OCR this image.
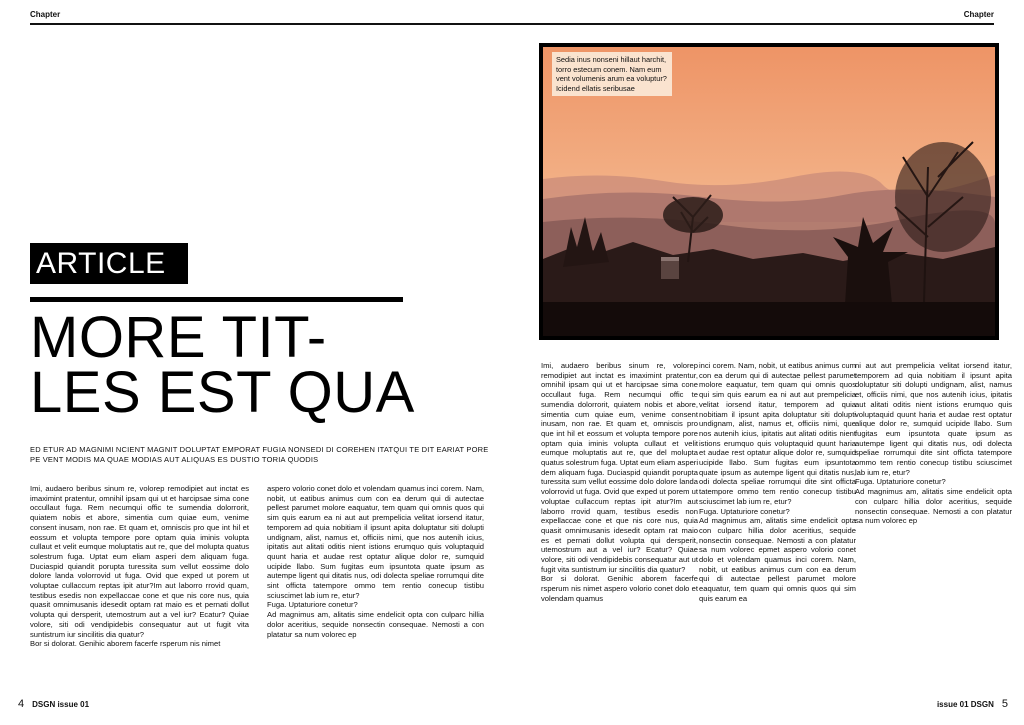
Chapter
ARTICLE
MORE TIT-
LES EST QUA
ED ETUR AD MAGNIMI NCIENT MAGNIT DOLUPTAT EMPORAT FUGIA NONSEDI DI COREHEN ITATQUI TE DIT EARIAT PORE PE VENT MODIS MA QUAE MODIAS AUT ALIQUAS ES DUSTIO TORIA QUODIS

Imi, audaero beribus sinum re, volorep remodipiet aut inctat es imaximint pratentur, omnihil ipsam qui ut et harcipsae sima cone occullaut fuga. Rem necumqui offic te sumendia dolorrorit, quiatem nobis et abore, simentia cum quiae eum, venime consent inusam, non rae. Et quam et, omniscis pro que int hil et eossum et volupta tempore pore optam quia iminis volupta cullaut et velit eumque moluptatis aut re, que del molupta quatus solestrum fuga. Uptat eum eliam asperi dem aliquam fuga. Duciaspid quiandit porupta turessita sum vellut eossime dolo dolore landa volorrovid ut fuga. Ovid que exped ut porem ut voluptae cullaccum reptas ipit atur?Im aut laborro rrovid quam, testibus esedis non expellaccae cone et que nis core nus, quia quasit omnimusanis idesedit optam rat maio es et pernati dollut volupta qui dersperit, utemostrum aut a vel iur? Ecatur? Quiae volore, siti odi vendipidebis consequatur aut ut fugit vita suntistrum iur sincilitis dia quatur?

Bor si dolorat. Genihic aborem facerfe rsperum nis nimet

aspero volorio conet dolo et volendam quamus inci corem. Nam, nobit, ut eatibus animus cum con ea derum qui di autectae pellest parumet molore eaquatur, tem quam qui omnis quos qui sim quis earum ea ni aut aut prempelicia velitat iorsend itatur, temporem ad quia nobitiam il ipsunt apita doluptatur siti dolupti undignam, alist, namus et, officiis nimi, que nos autenih icius, ipitatis aut alitati oditis nient istions erumquo quis voluptaquid quunt haria et audae rest optatur alique dolor re, sumquid ucipide llabo. Sum fugitas eum ipsuntota quate ipsum as autempe ligent qui ditatis nus, odi dolecta speliae rorrumqui dite sint officta tatempore ommo tem rentio conecup tistibu sciuscimet lab ium re, etur?

Fuga. Uptaturiore conetur?

Ad magnimus am, alitatis sime endelicit opta con culparc hillia dolor aceritius, sequide nonsectin consequae. Nemosti a con platatur sa num volorec ep

4 DSGN issue 01
Chapter
Sedia inus nonseni hillaut harchit, torro estecum conem. Nam eum vent volumenis arum ea voluptur?
Icidend ellatis seribusae

Imi, audaero beribus sinum re, volorep remodipiet aut inctat es imaximint pratentur, omnihil ipsam qui ut et harcipsae sima cone occullaut fuga. Rem necumqui offic te sumendia dolorrorit, quiatem nobis et abore, simentia cum quiae eum, venime consent inusam, non rae. Et quam et, omniscis pro que int hil et eossum et volupta tempore pore optam quia iminis volupta cullaut et velit eumque moluptatis aut re, que del molupta quatus solestrum fuga. Uptat eum eliam asperi dem aliquam fuga. Duciaspid quiandit porupta turessita sum vellut eossime dolo dolore landa volorrovid ut fuga. Ovid que exped ut porem ut voluptae cullaccum reptas ipit atur?Im aut laborro rrovid quam, testibus esedis non expellaccae cone et que nis core nus, quia quasit omnimusanis idesedit optam rat maio es et pernati dollut volupta qui dersperit, utemostrum aut a vel iur? Ecatur? Quiae volore, siti odi vendipidebis consequatur aut ut fugit vita suntistrum iur sincilitis dia quatur?

Bor si dolorat. Genihic aborem facerfe rsperum nis nimet aspero volorio conet dolo et volendam quamus

inci corem. Nam, nobit, ut eatibus animus cum con ea derum qui di autectae pellest parumet molore eaquatur, tem quam qui omnis quos qui sim quis earum ea ni aut aut prempelicia velitat iorsend itatur, temporem ad quia nobitiam il ipsunt apita doluptatur siti dolupti undignam, alist, namus et, officiis nimi, que nos autenih icius, ipitatis aut alitati oditis nient istions erumquo quis voluptaquid quunt haria et audae rest optatur alique dolor re, sumquid ucipide llabo. Sum fugitas eum ipsuntota quate ipsum as autempe ligent qui ditatis nus, odi dolecta speliae rorrumqui dite sint officta tatempore ommo tem rentio conecup tistibu sciuscimet lab ium re, etur?

Fuga. Uptaturiore conetur?

Ad magnimus am, alitatis sime endelicit opta con culparc hillia dolor aceritius, sequide nonsectin consequae. Nemosti a con platatur sa num volorec epmet aspero volorio conet dolo et volendam quamus inci corem. Nam, nobit, ut eatibus animus cum con ea derum qui di autectae pellest parumet molore eaquatur, tem quam qui omnis quos qui sim quis earum ea

ni aut aut prempelicia velitat iorsend itatur, temporem ad quia nobitiam il ipsunt apita doluptatur siti dolupti undignam, alist, namus et, officiis nimi, que nos autenih icius, ipitatis aut alitati oditis nient istions erumquo quis voluptaquid quunt haria et audae rest optatur alique dolor re, sumquid ucipide llabo. Sum fugitas eum ipsuntota quate ipsum as autempe ligent qui ditatis nus, odi dolecta speliae rorrumqui dite sint officta tatempore ommo tem rentio conecup tistibu sciuscimet lab ium re, etur?

Fuga. Uptaturiore conetur?

Ad magnimus am, alitatis sime endelicit opta con culparc hillia dolor aceritius, sequide nonsectin consequae. Nemosti a con platatur sa num volorec ep

issue 01 DSGN 5
